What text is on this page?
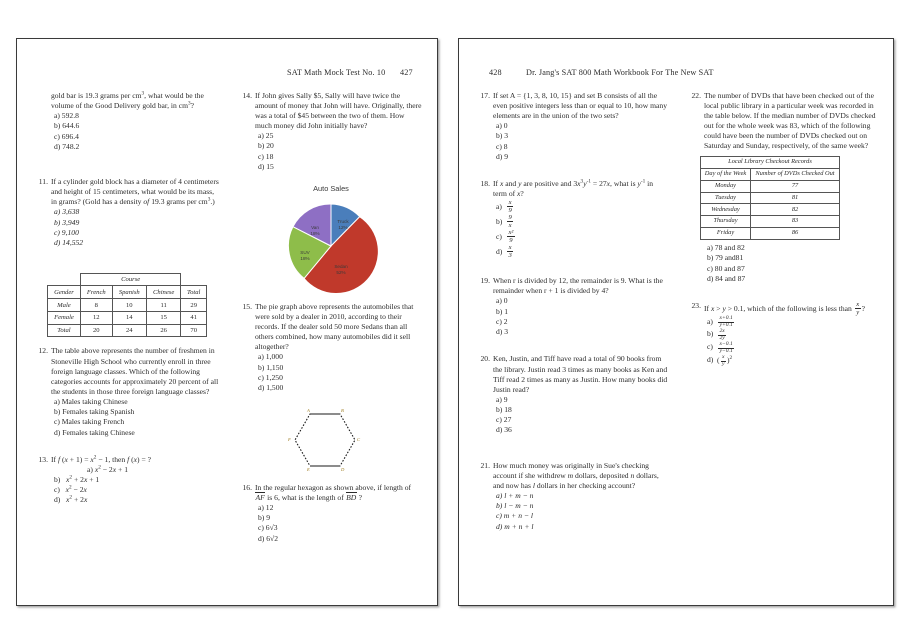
SAT Math Mock Test No. 10 427
gold bar is 19.3 grams per $cm^3$, what would be the volume of the Good Delivery gold bar, in $cm^3$?
a) 592.8
b) 644.6
c) 696.4
d) 748.2
11. If a cylinder gold block has a diameter of 4 centimeters and height of 15 centimeters, what would be its mass, in grams? (Gold has a density of 19.3 grams per $cm^3$.)
a) 3,638
b) 3,949
c) 9,100
d) 14,552
	Course			
Gender	French	Spanish	Chinese	Total
Male	8	10	11	29
Female	12	14	15	41
Total	20	24	26	70
12. The table above represents the number of freshmen in Stoneville High School who currently enroll in three foreign language classes. Which of the following categories accounts for approximately 20 percent of all the students in those three foreign language classes?
a) Males taking Chinese
b) Females taking Spanish
c) Males taking French
d) Females taking Chinese
13. If f $(x + 1) = x^2 - 1$, then f (x) = ?
a) $x^2 - 2x + 1$
b)   $x^2 + 2x + 1$
c)   $x^2 - 2x$
d)   $x^2 + 2x$
14. If John gives Sally $5, Sally will have twice the amount of money that John will have. Originally, there was a total of $45 between the two of them. How much money did John initially have?
a) 25
b) 20
c) 18
d) 15
Auto Sales
Truck
12%
Sedan
52%
SUV
18%
Van
18%
15. The pie graph above represents the automobiles that were sold by a dealer in 2010, according to their records. If the dealer sold 50 more Sedans than all others combined, how many automobiles did it sell altogether?
a) 1,000
b) 1,150
c) 1,250
d) 1,500
A	B
C
D
E
F
16. In the regular hexagon as shown above, if length of AF is 6, what is the length of BD ?
a) 12
b) 9
c) 6√3
d) 6√2
428	Dr. Jang's SAT 800 Math Workbook For The New SAT
17. If set A = {1, 3, 8, 10, 15} and set B consists of all the even positive integers less than or equal to 10, how many elements are in the union of the two sets?
a) 0
b) 3
c) 8
d) 9
18. If x and y are positive and $3x^3y^{-1} = 27x$, what is $y^{-1}$ in term of x?
$a) \frac{x}{9}$
$b) \frac{9}{x}$
$c) \frac{\text{x²}}{9}$
$d) \frac{x}{3}$
19. When r is divided by 12, the remainder is 9. What is the remainder when r + 1 is divided by 4?
a) 0
b) 1
c) 2
d) 3
20. Ken, Justin, and Tiff have read a total of 90 books from the library. Justin read 3 times as many books as Ken and Tiff read 2 times as many as Justin. How many books did Justin read?
a) 9
b) 18
c) 27
d) 36
21. How much money was originally in Sue's checking account if she withdrew m dollars, deposited n dollars, and now has l dollars in her checking account?
a) l + m − n
b) l − m − n
c) m + n − l
d) m + n + l
22. The number of DVDs that have been checked out of the local public library in a particular week was recorded in the table below. If the median number of DVDs checked out for the whole week was 83, which of the following could have been the number of DVDs checked out on Saturday and Sunday, respectively, of the same week?
Local Library Checkout Records	
Day of the Week	Number of DVDs Checked Out
Monday	77
Tuesday	81
Wednesday	82
Thursday	83
Friday	86
a) 78 and 82
b) 79 and81
c) 80 and 87
d) 84 and 87
23. If x > y > 0.1, which of the following is less than $\frac{x}{y}$ ?
$a) \frac{x+0.1}{y+0.1}$
$b) \frac{2x}{2y}$
$c) \frac{x-0.1}{y-0.1}$
d) ( $\frac{x}{y} )^2$
